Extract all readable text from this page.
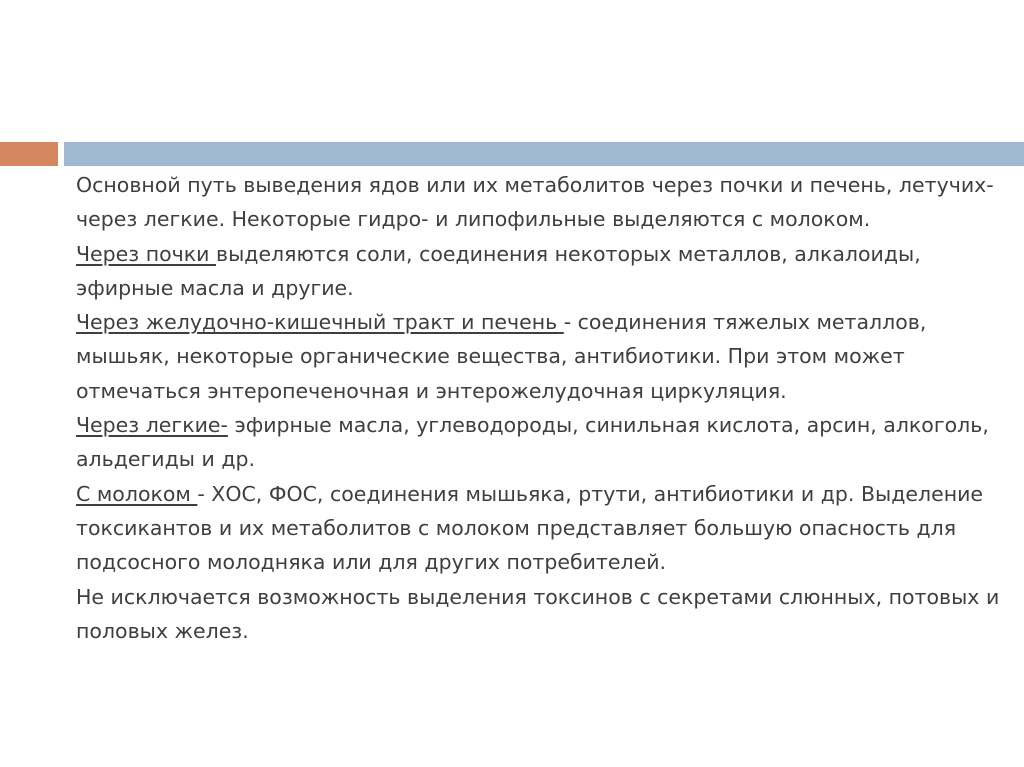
Основной путь выведения ядов или их метаболитов через почки и печень, летучих- через легкие. Некоторые гидро- и липофильные выделяются с молоком.

Через почки выделяются соли, соединения некоторых металлов, алкалоиды, эфирные масла и другие.

Через желудочно-кишечный тракт и печень - соединения тяжелых металлов, мышьяк, некоторые органические вещества, антибиотики. При этом может отмечаться энтеропеченочная и энтерожелудочная циркуляция.

Через легкие- эфирные масла, углеводороды, синильная кислота, арсин, алкоголь, альдегиды и др.

С молоком - ХОС, ФОС, соединения мышьяка, ртути, антибиотики и др. Выделение токсикантов и их метаболитов с молоком представляет большую опасность для подсосного молодняка или для других потребителей.

Не исключается возможность выделения токсинов с секретами слюнных, потовых и половых желез.
